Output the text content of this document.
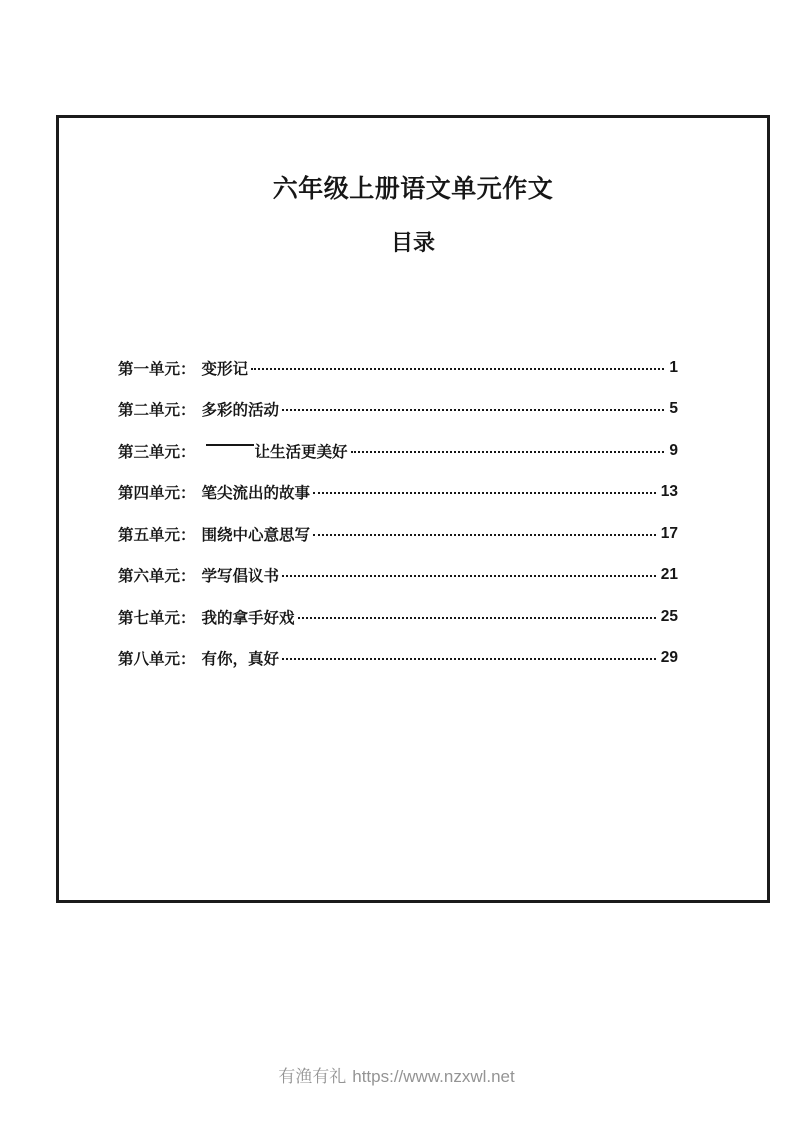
六年级上册语文单元作文
目录
第一单元： 变形记	1
第二单元： 多彩的活动	5
第三单元：	让生活更美好	9
第四单元： 笔尖流出的故事	13
第五单元： 围绕中心意思写	17
第六单元： 学写倡议书	21
第七单元： 我的拿手好戏	25
第八单元： 有你，真好	29
有渔有礼 https://www.nzxwl.net
